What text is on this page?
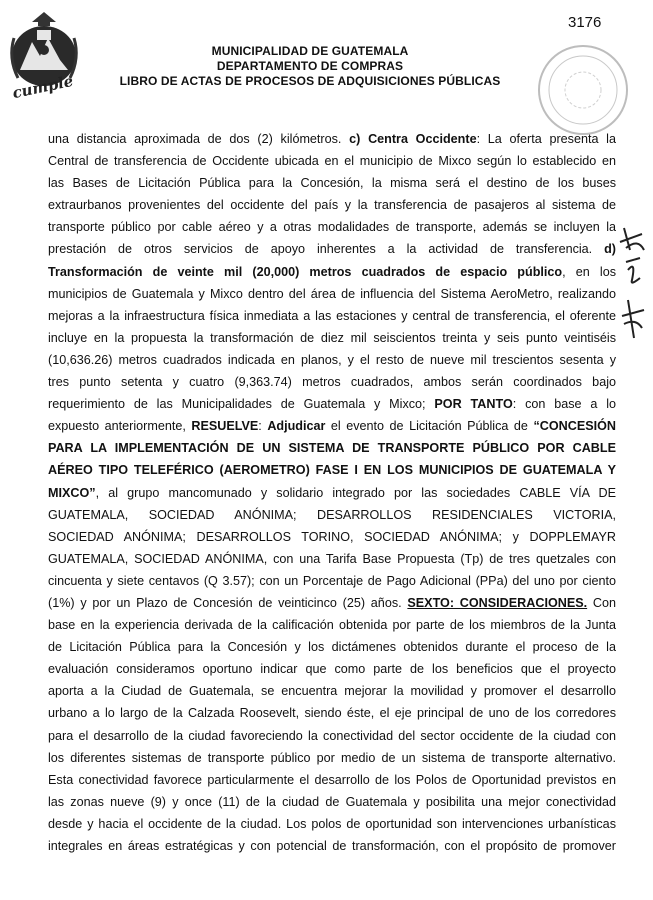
cumple
MUNICIPALIDAD DE GUATEMALA
DEPARTAMENTO DE COMPRAS
LIBRO DE ACTAS DE PROCESOS DE ADQUISICIONES PÚBLICAS
3176
una distancia aproximada de dos (2) kilómetros. c) Centra Occidente: La oferta presenta la
Central de transferencia de Occidente ubicada en el municipio de Mixco según lo establecido en
las Bases de Licitación Pública para la Concesión, la misma será el destino de los buses
extraurbanos provenientes del occidente del país y la transferencia de pasajeros al sistema de
transporte público por cable aéreo y a otras modalidades de transporte, además se incluyen la
prestación de otros servicios de apoyo inherentes a la actividad de transferencia. d)
Transformación de veinte mil (20,000) metros cuadrados de espacio público, en los
municipios de Guatemala y Mixco dentro del área de influencia del Sistema AeroMetro, realizando
mejoras a la infraestructura física inmediata a las estaciones y central de transferencia, el oferente
incluye en la propuesta la transformación de diez mil seiscientos treinta y seis punto veintiséis
(10,636.26) metros cuadrados indicada en planos, y el resto de nueve mil trescientos sesenta y
tres punto setenta y cuatro (9,363.74) metros cuadrados, ambos serán coordinados bajo
requerimiento de las Municipalidades de Guatemala y Mixco; POR TANTO: con base a lo
expuesto anteriormente, RESUELVE: Adjudicar el evento de Licitación Pública de “CONCESIÓN
PARA LA IMPLEMENTACIÓN DE UN SISTEMA DE TRANSPORTE PÚBLICO POR CABLE
AÉREO TIPO TELEFÉRICO (AEROMETRO) FASE I EN LOS MUNICIPIOS DE GUATEMALA Y
MIXCO”, al grupo mancomunado y solidario integrado por las sociedades CABLE VÍA DE
GUATEMALA, SOCIEDAD ANÓNIMA; DESARROLLOS RESIDENCIALES VICTORIA,
SOCIEDAD ANÓNIMA; DESARROLLOS TORINO, SOCIEDAD ANÓNIMA; y DOPPLEMAYR
GUATEMALA, SOCIEDAD ANÓNIMA, con una Tarifa Base Propuesta (Tp) de tres quetzales con
cincuenta y siete centavos (Q 3.57); con un Porcentaje de Pago Adicional (PPa) del uno por ciento
(1%) y por un Plazo de Concesión de veinticinco (25) años. SEXTO: CONSIDERACIONES. Con
base en la experiencia derivada de la calificación obtenida por parte de los miembros de la Junta
de Licitación Pública para la Concesión y los dictámenes obtenidos durante el proceso de la
evaluación consideramos oportuno indicar que como parte de los beneficios que el proyecto
aporta a la Ciudad de Guatemala, se encuentra mejorar la movilidad y promover el desarrollo
urbano a lo largo de la Calzada Roosevelt, siendo éste, el eje principal de uno de los corredores
para el desarrollo de la ciudad favoreciendo la conectividad del sector occidente de la ciudad con
los diferentes sistemas de transporte público por medio de un sistema de transporte alternativo.
Esta conectividad favorece particularmente el desarrollo de los Polos de Oportunidad previstos en
las zonas nueve (9) y once (11) de la ciudad de Guatemala y posibilita una mejor conectividad
desde y hacia el occidente de la ciudad. Los polos de oportunidad son intervenciones urbanísticas
integrales en áreas estratégicas y con potencial de transformación, con el propósito de promover
